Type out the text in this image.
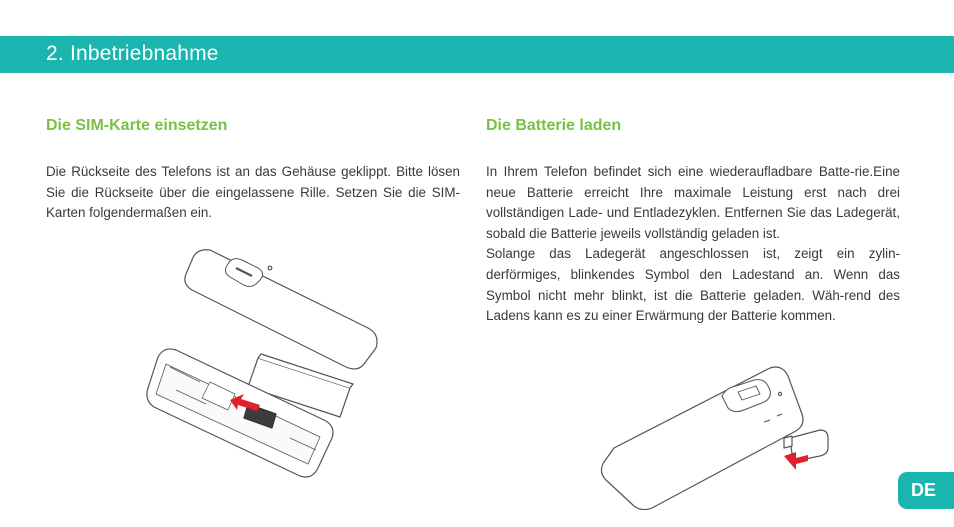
2. Inbetriebnahme
Die SIM-Karte einsetzen

Die Rückseite des Telefons ist an das Gehäuse geklippt. Bitte lösen Sie die Rückseite über die eingelassene Rille. Setzen Sie die SIM-Karten folgendermaßen ein.

Die Batterie laden

In Ihrem Telefon befindet sich eine wiederaufladbare Batte-rie.Eine neue Batterie erreicht Ihre maximale Leistung erst nach drei vollständigen Lade- und Entladezyklen. Entfernen Sie das Ladegerät, sobald die Batterie jeweils vollständig geladen ist.

Solange das Ladegerät angeschlossen ist, zeigt ein zylin-derförmiges, blinkendes Symbol den Ladestand an. Wenn das Symbol nicht mehr blinkt, ist die Batterie geladen. Wäh-rend des Ladens kann es zu einer Erwärmung der Batterie kommen.

DE
